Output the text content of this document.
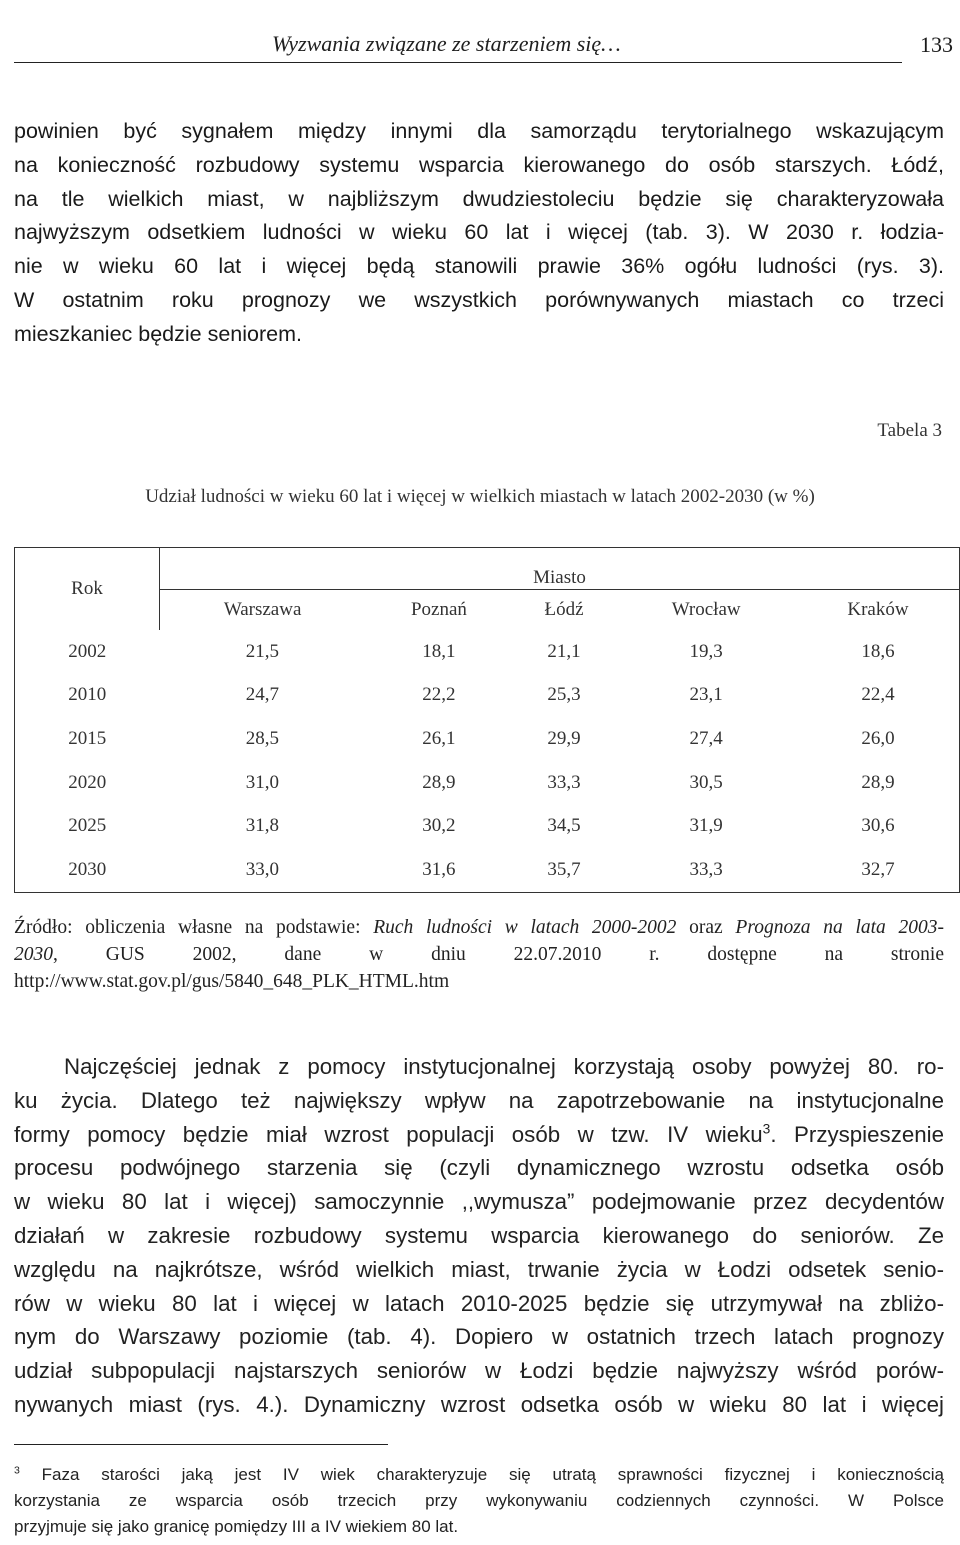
Wyzwania związane ze starzeniem się…	133
powinien być sygnałem między innymi dla samorządu terytorialnego wskazującym
na konieczność rozbudowy systemu wsparcia kierowanego do osób starszych. Łódź,
na tle wielkich miast, w najbliższym dwudziestoleciu będzie się charakteryzowała
najwyższym odsetkiem ludności w wieku 60 lat i więcej (tab. 3). W 2030 r. łodzia-
nie w wieku 60 lat i więcej będą stanowili prawie 36% ogółu ludności (rys. 3).
W ostatnim roku prognozy we wszystkich porównywanych miastach co trzeci
mieszkaniec będzie seniorem.
Tabela 3
Udział ludności w wieku 60 lat i więcej w wielkich miastach w latach 2002-2030 (w %)
Rok	Miasto				
	Warszawa	Poznań	Łódź	Wrocław	Kraków
2002	21,5	18,1	21,1	19,3	18,6
2010	24,7	22,2	25,3	23,1	22,4
2015	28,5	26,1	29,9	27,4	26,0
2020	31,0	28,9	33,3	30,5	28,9
2025	31,8	30,2	34,5	31,9	30,6
2030	33,0	31,6	35,7	33,3	32,7
Źródło: obliczenia własne na podstawie: Ruch ludności w latach 2000-2002 oraz Prognoza na lata 2003-
2030, GUS 2002, dane w dniu 22.07.2010 r. dostępne na stronie
http://www.stat.gov.pl/gus/5840_648_PLK_HTML.htm
Najczęściej jednak z pomocy instytucjonalnej korzystają osoby powyżej 80. ro-
ku życia. Dlatego też największy wpływ na zapotrzebowanie na instytucjonalne
formy pomocy będzie miał wzrost populacji osób w tzw. IV wieku$^3$. Przyspieszenie
procesu podwójnego starzenia się (czyli dynamicznego wzrostu odsetka osób
w wieku 80 lat i więcej) samoczynnie ,,wymusza” podejmowanie przez decydentów
działań w zakresie rozbudowy systemu wsparcia kierowanego do seniorów. Ze
względu na najkrótsze, wśród wielkich miast, trwanie życia w Łodzi odsetek senio-
rów w wieku 80 lat i więcej w latach 2010-2025 będzie się utrzymywał na zbliżo-
nym do Warszawy poziomie (tab. 4). Dopiero w ostatnich trzech latach prognozy
udział subpopulacji najstarszych seniorów w Łodzi będzie najwyższy wśród porów-
nywanych miast (rys. 4.). Dynamiczny wzrost odsetka osób w wieku 80 lat i więcej
$^3$ Faza starości jaką jest IV wiek charakteryzuje się utratą sprawności fizycznej i koniecznością
korzystania ze wsparcia osób trzecich przy wykonywaniu codziennych czynności. W Polsce
przyjmuje się jako granicę pomiędzy III a IV wiekiem 80 lat.
